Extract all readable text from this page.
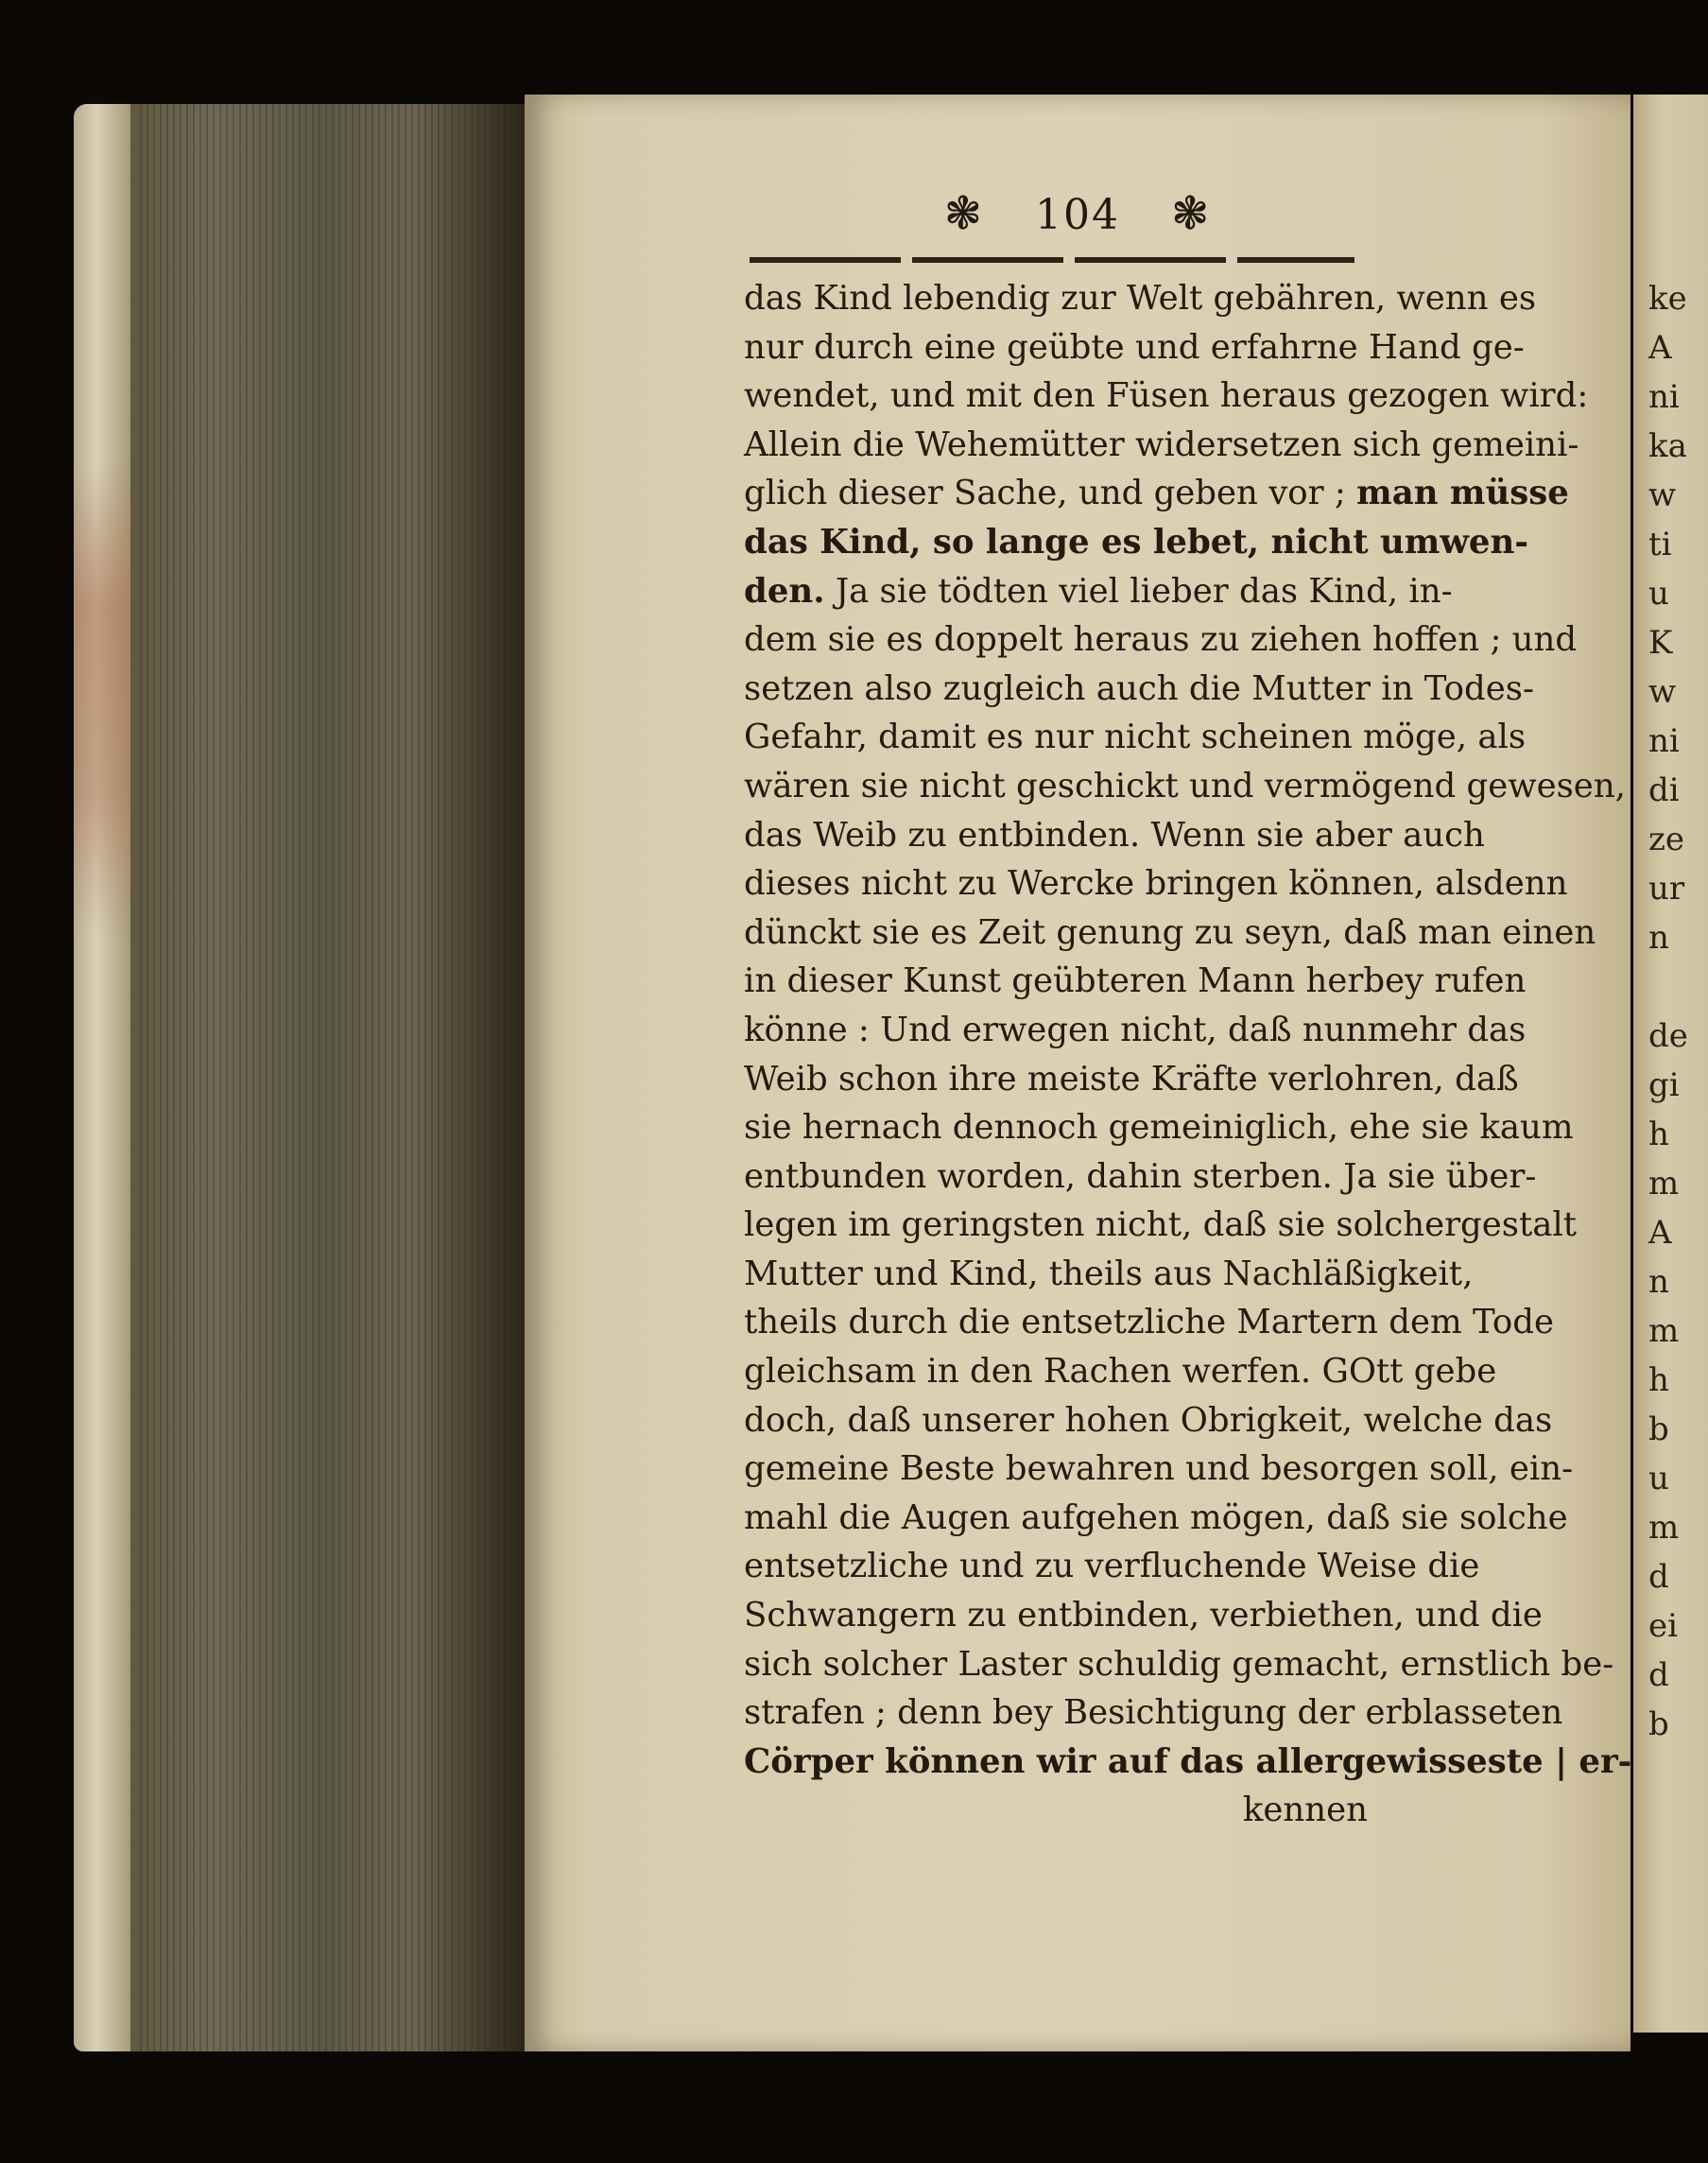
❃ 104 ❃
das Kind lebendig zur Welt gebähren, wenn es
nur durch eine geübte und erfahrne Hand ge-
wendet, und mit den Füsen heraus gezogen wird:
Allein die Wehemütter widersetzen sich gemeini-
glich dieser Sache, und geben vor ; man müsse
das Kind, so lange es lebet, nicht umwen-
den. Ja sie tödten viel lieber das Kind, in-
dem sie es doppelt heraus zu ziehen hoffen ; und
setzen also zugleich auch die Mutter in Todes-
Gefahr, damit es nur nicht scheinen möge, als
wären sie nicht geschickt und vermögend gewesen,
das Weib zu entbinden. Wenn sie aber auch
dieses nicht zu Wercke bringen können, alsdenn
dünckt sie es Zeit genung zu seyn, daß man einen
in dieser Kunst geübteren Mann herbey rufen
könne : Und erwegen nicht, daß nunmehr das
Weib schon ihre meiste Kräfte verlohren, daß
sie hernach dennoch gemeiniglich, ehe sie kaum
entbunden worden, dahin sterben. Ja sie über-
legen im geringsten nicht, daß sie solchergestalt
Mutter und Kind, theils aus Nachläßigkeit,
theils durch die entsetzliche Martern dem Tode
gleichsam in den Rachen werfen. GOtt gebe
doch, daß unserer hohen Obrigkeit, welche das
gemeine Beste bewahren und besorgen soll, ein-
mahl die Augen aufgehen mögen, daß sie solche
entsetzliche und zu verfluchende Weise die
Schwangern zu entbinden, verbiethen, und die
sich solcher Laster schuldig gemacht, ernstlich be-
strafen ; denn bey Besichtigung der erblasseten
Cörper können wir auf das allergewisseste | er-
kennen
ke
A
ni
ka
w
ti
u
K
w
ni
di
ze
ur
n

de
gi
h
m
A
n
m
h
b
u
m
d
ei
d
b
